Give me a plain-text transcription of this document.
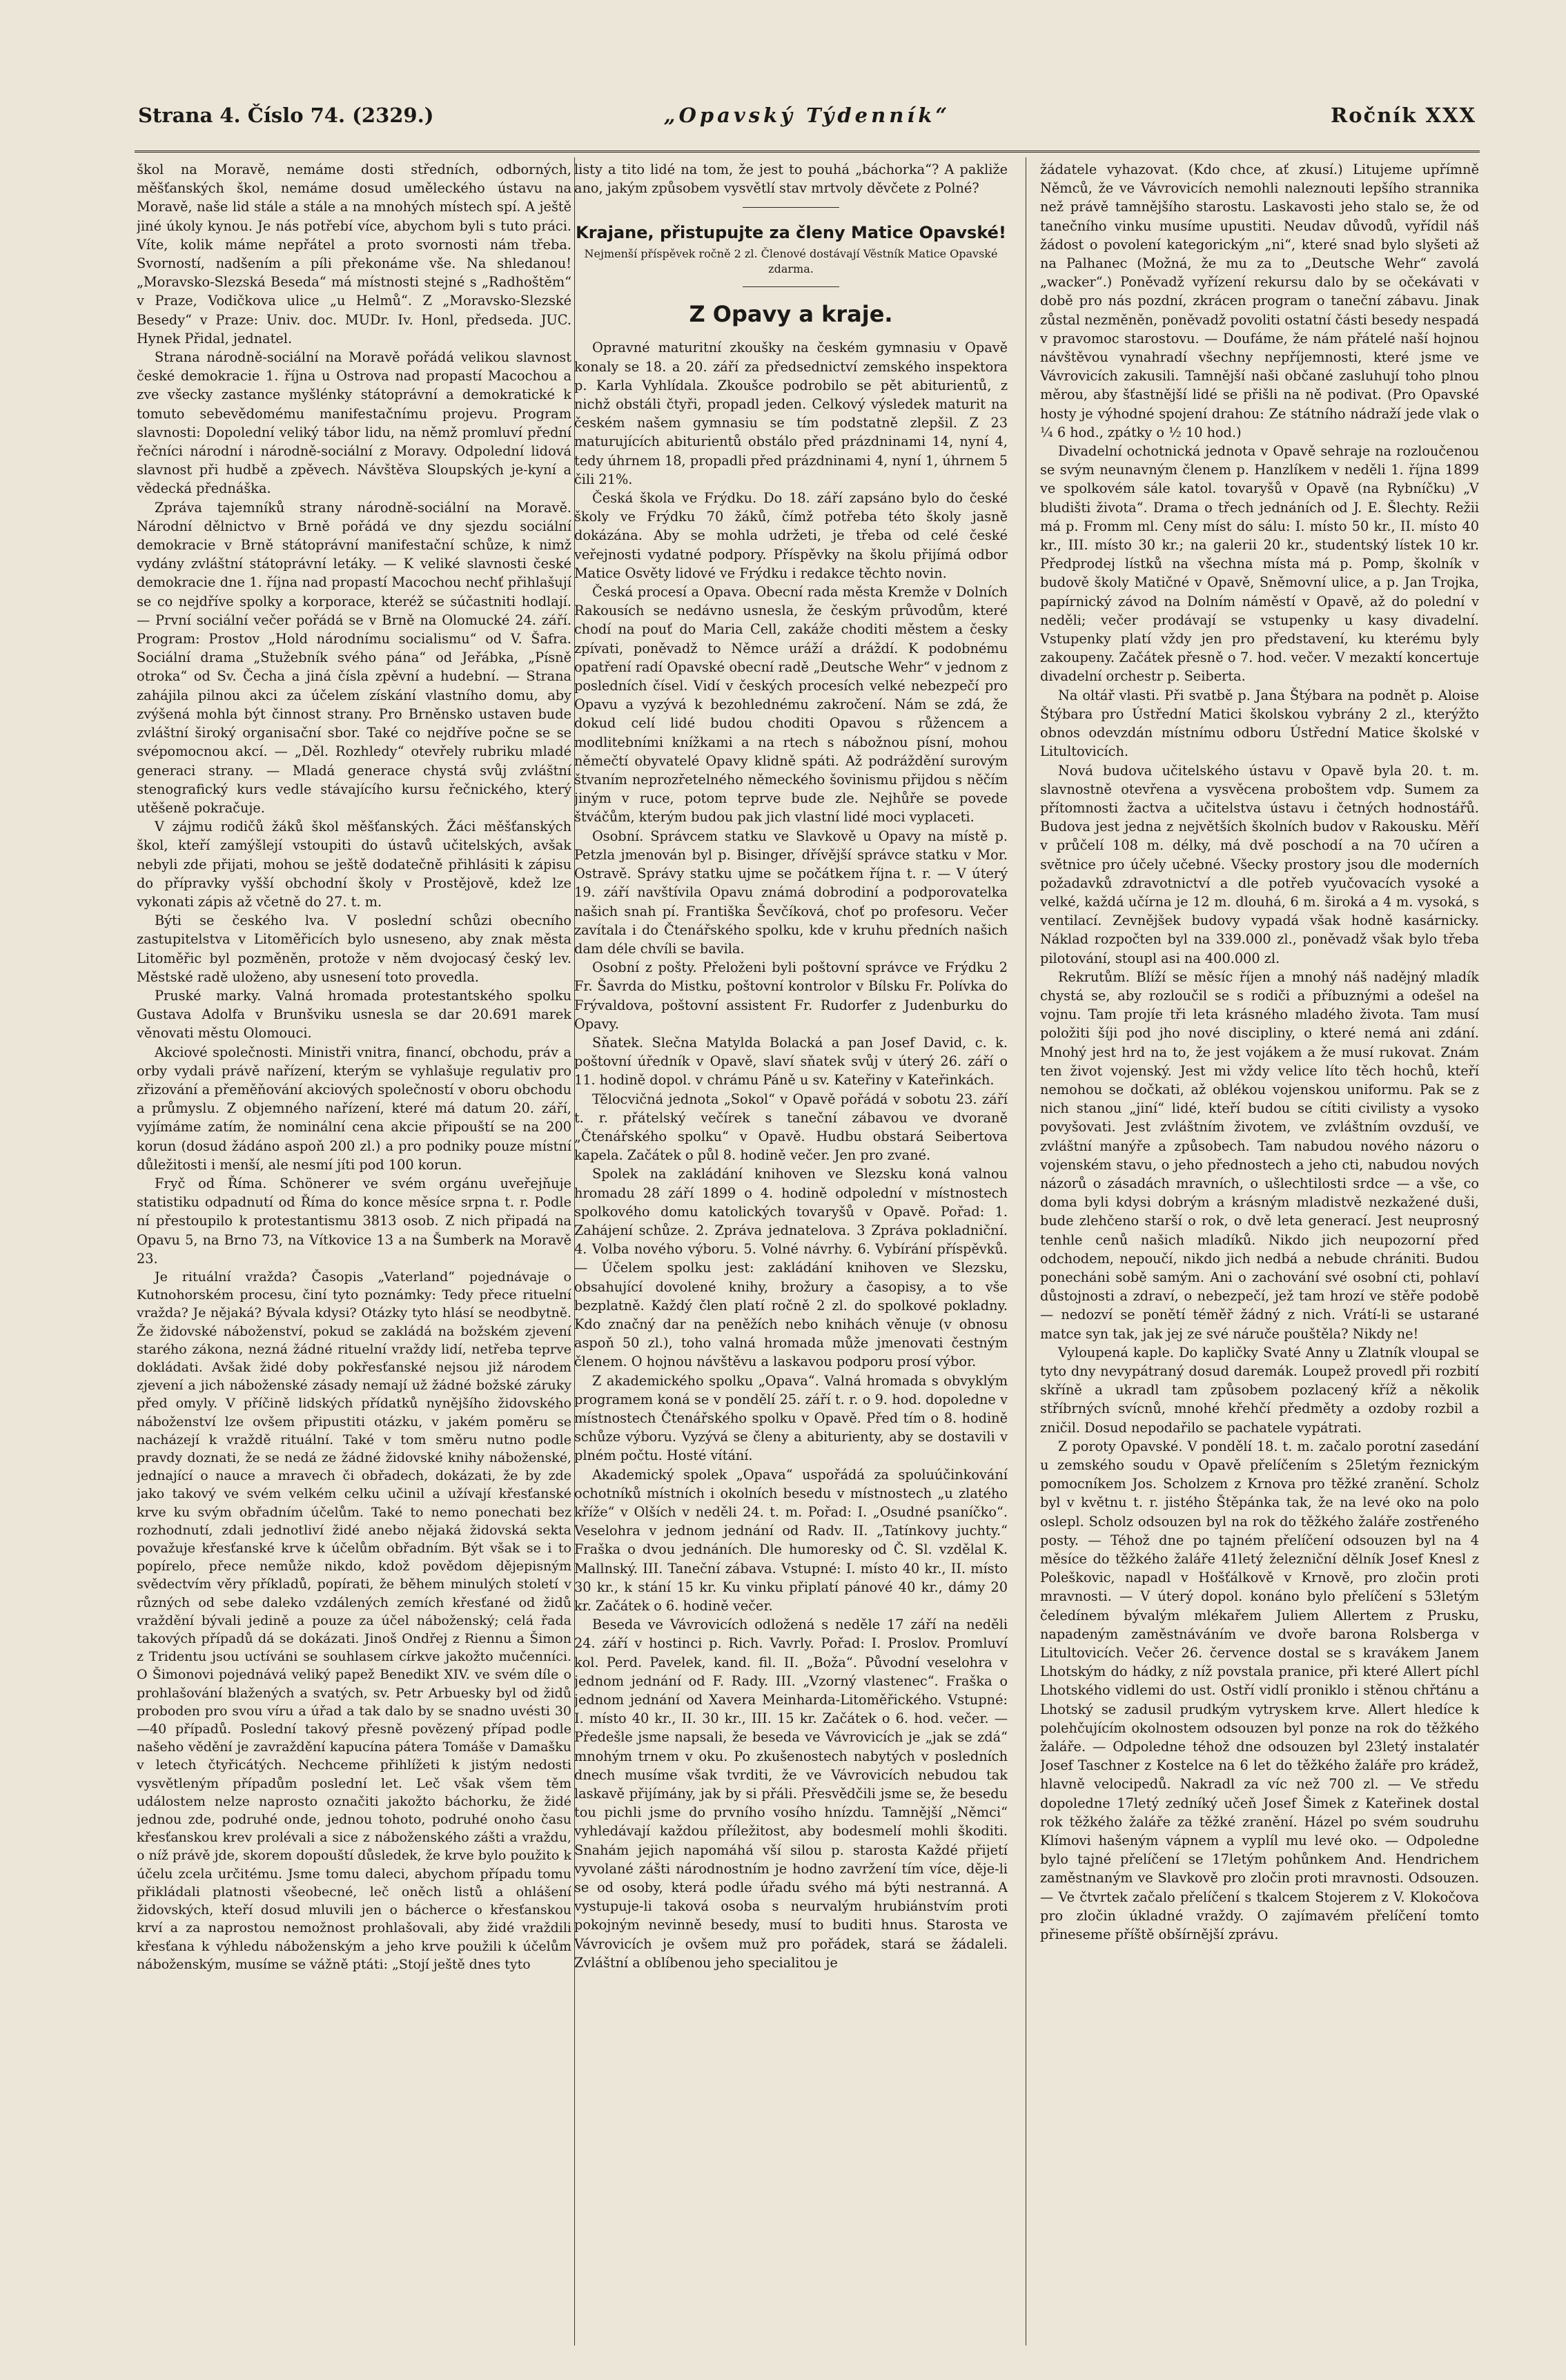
Strana 4. Číslo 74. (2329.)	„Opavský Týdenník“	Ročník XXX

škol na Moravě, nemáme dosti středních, odborných, měšťanských škol, nemáme dosud uměleckého ústavu na Moravě, naše lid stále a stále a na mnohých místech spí. A ještě jiné úkoly kynou. Je nás potřebí více, abychom byli s tuto práci. Víte, kolik máme nepřátel a proto svornosti nám třeba. Svorností, nadšením a píli překonáme vše. Na shledanou! „Moravsko-Slezská Beseda“ má místnosti stejné s „Radhoštěm“ v Praze, Vodičkova ulice „u Helmů“. Z „Moravsko-Slezské Besedy“ v Praze: Univ. doc. MUDr. Iv. Honl, předseda. JUC. Hynek Přidal, jednatel.

Strana národně-sociální na Moravě pořádá velikou slavnost české demokracie 1. října u Ostrova nad propastí Macochou a zve všecky zastance myšlénky státoprávní a demokratické k tomuto sebevědomému manifestačnímu projevu. Program slavnosti: Dopolední veliký tábor lidu, na němž promluví přední řečníci národní i národně-sociální z Moravy. Odpolední lidová slavnost při hudbě a zpěvech. Návštěva Sloupských je-kyní a vědecká přednáška.

Zpráva tajemníků strany národně-sociální na Moravě. Národní dělnictvo v Brně pořádá ve dny sjezdu sociální demokracie v Brně státoprávní manifestační schůze, k nimž vydány zvláštní státoprávní letáky. — K veliké slavnosti české demokracie dne 1. října nad propastí Macochou nechť přihlašují se co nejdříve spolky a korporace, kteréž se súčastniti hodlají. — První sociální večer pořádá se v Brně na Olomucké 24. září. Program: Prostov „Hold národnímu socialismu“ od V. Šafra. Sociální drama „Stužebník svého pána“ od Jeřábka, „Písně otroka“ od Sv. Čecha a jiná čísla zpěvní a hudební. — Strana zahájila pilnou akci za účelem získání vlastního domu, aby zvýšená mohla být činnost strany. Pro Brněnsko ustaven bude zvláštní široký organisační sbor. Také co nejdříve počne se se svépomocnou akcí. — „Děl. Rozhledy“ otevřely rubriku mladé generaci strany. — Mladá generace chystá svůj zvláštní stenografický kurs vedle stávajícího kursu řečnického, který utěšeně pokračuje.

V zájmu rodičů žáků škol měšťanských. Žáci měšťanských škol, kteří zamýšlejí vstoupiti do ústavů učitelských, avšak nebyli zde přijati, mohou se ještě dodatečně přihlásiti k zápisu do přípravky vyšší obchodní školy v Prostějově, kdež lze vykonati zápis až včetně do 27. t. m.

Býti se českého lva. V poslední schůzi obecního zastupitelstva v Litoměřicích bylo usneseno, aby znak města Litoměřic byl pozměněn, protože v něm dvojocasý český lev. Městské radě uloženo, aby usnesení toto provedla.

Pruské marky. Valná hromada protestantského spolku Gustava Adolfa v Brunšviku usnesla se dar 20.691 marek věnovati městu Olomouci.

Akciové společnosti. Ministři vnitra, financí, obchodu, práv a orby vydali právě nařízení, kterým se vyhlašuje regulativ pro zřizování a přeměňování akciových společností v oboru obchodu a průmyslu. Z objemného nařízení, které má datum 20. září, vyjímáme zatím, že nominální cena akcie připouští se na 200 korun (dosud žádáno aspoň 200 zl.) a pro podniky pouze místní důležitosti i menší, ale nesmí jíti pod 100 korun.

Fryč od Říma. Schönerer ve svém orgánu uveřejňuje statistiku odpadnutí od Říma do konce měsíce srpna t. r. Podle ní přestoupilo k protestantismu 3813 osob. Z nich připadá na Opavu 5, na Brno 73, na Vítkovice 13 a na Šumberk na Moravě 23.

Je rituální vražda? Časopis „Vaterland“ pojednávaje o Kutnohorském procesu, činí tyto poznámky: Tedy přece rituelní vražda? Je nějaká? Bývala kdysi? Otázky tyto hlásí se neodbytně. Že židovské náboženství, pokud se zakládá na božském zjevení starého zákona, nezná žádné rituelní vraždy lidí, netřeba teprve dokládati. Avšak židé doby pokřesťanské nejsou již národem zjevení a jich náboženské zásady nemají už žádné božské záruky před omyly. V příčině lidských přídatků nynějšího židovského náboženství lze ovšem připustiti otázku, v jakém poměru se nacházejí k vraždě rituální. Také v tom směru nutno podle pravdy doznati, že se nedá ze žádné židovské knihy náboženské, jednající o nauce a mravech či obřadech, dokázati, že by zde jako takový ve svém velkém celku učinil a užívají křesťanské krve ku svým obřadním účelům. Také to nemo ponechati bez rozhodnutí, zdali jednotliví židé anebo nějaká židovská sekta považuje křesťanské krve k účelům obřadním. Být však se i to popírelo, přece nemůže nikdo, kdož povědom dějepisným svědectvím věry příkladů, popírati, že během minulých století v různých od sebe daleko vzdálených zemích křesťané od židů vraždění bývali jedině a pouze za účel náboženský; celá řada takových případů dá se dokázati. Jinoš Ondřej z Riennu a Šimon z Tridentu jsou uctíváni se souhlasem církve jakožto mučenníci. O Šimonovi pojednává veliký papež Benedikt XIV. ve svém díle o prohlašování blažených a svatých, sv. Petr Arbuesky byl od židů proboden pro svou víru a úřad a tak dalo by se snadno uvésti 30—40 případů. Poslední takový přesně povězený případ podle našeho vědění je zavraždění kapucína pátera Tomáše v Damašku v letech čtyřicátých. Nechceme přihlížeti k jistým nedosti vysvětleným případům poslední let. Leč však všem těm událostem nelze naprosto označiti jakožto báchorku, že židé jednou zde, podruhé onde, jednou tohoto, podruhé onoho času křesťanskou krev prolévali a sice z náboženského zášti a vraždu, o níž právě jde, skorem dopouští důsledek, že krve bylo použito k účelu zcela určitému. Jsme tomu daleci, abychom případu tomu přikládali platnosti všeobecné, leč oněch listů a ohlášení židovských, kteří dosud mluvili jen o bácherce o křesťanskou krví a za naprostou nemožnost prohlašovali, aby židé vraždili křesťana k výhledu náboženským a jeho krve použili k účelům náboženským, musíme se vážně ptáti: „Stojí ještě dnes tyto

listy a tito lidé na tom, že jest to pouhá „báchorka“? A pakliže ano, jakým způsobem vysvětlí stav mrtvoly děvčete z Polné?

Krajane, přistupujte za členy Matice Opavské!
Nejmenší příspěvek ročně 2 zl. Členové dostávají Věstník Matice Opavské zdarma.
Z Opavy a kraje.

Opravné maturitní zkoušky na českém gymnasiu v Opavě konaly se 18. a 20. září za předsednictví zemského inspektora p. Karla Vyhlídala. Zkoušce podrobilo se pět abiturientů, z nichž obstáli čtyři, propadl jeden. Celkový výsledek maturit na českém našem gymnasiu se tím podstatně zlepšil. Z 23 maturujících abiturientů obstálo před prázdninami 14, nyní 4, tedy úhrnem 18, propadli před prázdninami 4, nyní 1, úhrnem 5 čili 21%.

Česká škola ve Frýdku. Do 18. září zapsáno bylo do české školy ve Frýdku 70 žáků, čímž potřeba této školy jasně dokázána. Aby se mohla udržeti, je třeba od celé české veřejnosti vydatné podpory. Příspěvky na školu přijímá odbor Matice Osvěty lidové ve Frýdku i redakce těchto novin.

Česká procesí a Opava. Obecní rada města Kremže v Dolních Rakousích se nedávno usnesla, že českým průvodům, které chodí na pouť do Maria Cell, zakáže choditi městem a česky zpívati, poněvadž to Němce uráží a dráždí. K podobnému opatření radí Opavské obecní radě „Deutsche Wehr“ v jednom z posledních čísel. Vidí v českých procesích velké nebezpečí pro Opavu a vyzývá k bezohlednému zakročení. Nám se zdá, že dokud celí lidé budou choditi Opavou s růžencem a modlitebními knížkami a na rtech s nábožnou písní, mohou němečtí obyvatelé Opavy klidně spáti. Až podráždění surovým štvaním neprozřetelného německého šovinismu přijdou s něčím jiným v ruce, potom teprve bude zle. Nejhůře se povede štváčům, kterým budou pak jich vlastní lidé moci vyplaceti.

Osobní. Správcem statku ve Slavkově u Opavy na místě p. Petzla jmenován byl p. Bisinger, dřívější správce statku v Mor. Ostravě. Správy statku ujme se počátkem října t. r. — V úterý 19. září navštívila Opavu známá dobrodiní a podporovatelka našich snah pí. Františka Ševčíková, choť po profesoru. Večer zavítala i do Čtenářského spolku, kde v kruhu předních našich dam déle chvíli se bavila.

Osobní z pošty. Přeloženi byli poštovní správce ve Frýdku 2 Fr. Šavrda do Mistku, poštovní kontrolor v Bílsku Fr. Polívka do Frývaldova, poštovní assistent Fr. Rudorfer z Judenburku do Opavy.

Sňatek. Slečna Matylda Bolacká a pan Josef David, c. k. poštovní úředník v Opavě, slaví sňatek svůj v úterý 26. září o 11. hodině dopol. v chrámu Páně u sv. Kateřiny v Kateřinkách.

Tělocvičná jednota „Sokol“ v Opavě pořádá v sobotu 23. září t. r. přátelský večírek s taneční zábavou ve dvoraně „Čtenářského spolku“ v Opavě. Hudbu obstará Seibertova kapela. Začátek o půl 8. hodině večer. Jen pro zvané.

Spolek na zakládání knihoven ve Slezsku koná valnou hromadu 28 září 1899 o 4. hodině odpolední v místnostech spolkového domu katolických tovaryšů v Opavě. Pořad: 1. Zahájení schůze. 2. Zpráva jednatelova. 3 Zpráva pokladniční. 4. Volba nového výboru. 5. Volné návrhy. 6. Vybírání příspěvků. — Účelem spolku jest: zakládání knihoven ve Slezsku, obsahující dovolené knihy, brožury a časopisy, a to vše bezplatně. Každý člen platí ročně 2 zl. do spolkové pokladny. Kdo značný dar na peněžích nebo knihách věnuje (v obnosu aspoň 50 zl.), toho valná hromada může jmenovati čestným členem. O hojnou návštěvu a laskavou podporu prosí výbor.

Z akademického spolku „Opava“. Valná hromada s obvyklým programem koná se v pondělí 25. září t. r. o 9. hod. dopoledne v místnostech Čtenářského spolku v Opavě. Před tím o 8. hodině schůze výboru. Vyzývá se členy a abiturienty, aby se dostavili v plném počtu. Hosté vítání.

Akademický spolek „Opava“ uspořádá za spoluúčinkování ochotníků místních i okolních besedu v místnostech „u zlatého kříže“ v Olších v neděli 24. t. m. Pořad: I. „Osudné psaníčko“. Veselohra v jednom jednání od Radv. II. „Tatínkovy juchty.“ Fraška o dvou jednáních. Dle humoresky od Č. Sl. vzdělal K. Mallnský. III. Taneční zábava. Vstupné: I. místo 40 kr., II. místo 30 kr., k stání 15 kr. Ku vinku připlatí pánové 40 kr., dámy 20 kr. Začátek o 6. hodině večer.

Beseda ve Vávrovicích odložená s neděle 17 září na neděli 24. září v hostinci p. Rich. Vavrly. Pořad: I. Proslov. Promluví kol. Perd. Pavelek, kand. fil. II. „Boža“. Původní veselohra v jednom jednání od F. Rady. III. „Vzorný vlastenec“. Fraška o jednom jednání od Xavera Meinharda-Litoměřického. Vstupné: I. místo 40 kr., II. 30 kr., III. 15 kr. Začátek o 6. hod. večer. — Předešle jsme napsali, že beseda ve Vávrovicích je „jak se zdá“ mnohým trnem v oku. Po zkušenostech nabytých v posledních dnech musíme však tvrditi, že ve Vávrovicích nebudou tak laskavě přijímány, jak by si přáli. Přesvědčili jsme se, že besedu tou pichli jsme do prvního vosího hnízdu. Tamnější „Němci“ vyhledávají každou příležitost, aby bodesmelí mohli škoditi. Snahám jejich napomáhá vší silou p. starosta Každé přijetí vyvolané zášti národnostním je hodno zavržení tím více, děje-li se od osoby, která podle úřadu svého má býti nestranná. A vystupuje-li taková osoba s neurvalým hrubiánstvím proti pokojným nevinně besedy, musí to buditi hnus. Starosta ve Vávrovicích je ovšem muž pro pořádek, stará se žádaleli. Zvláštní a oblíbenou jeho specialitou je

žádatele vyhazovat. (Kdo chce, ať zkusí.) Litujeme upřímně Němců, že ve Vávrovicích nemohli naleznouti lepšího strannika než právě tamnějšího starostu. Laskavosti jeho stalo se, že od tanečního vinku musíme upustiti. Neudav důvodů, vyřídil náš žádost o povolení kategorickým „ni“, které snad bylo slyšeti až na Palhanec (Možná, že mu za to „Deutsche Wehr“ zavolá „wacker“.) Poněvadž vyřízení rekursu dalo by se očekávati v době pro nás pozdní, zkrácen program o taneční zábavu. Jinak zůstal nezměněn, poněvadž povoliti ostatní části besedy nespadá v pravomoc starostovu. — Doufáme, že nám přátelé naší hojnou návštěvou vynahradí všechny nepříjemnosti, které jsme ve Vávrovicích zakusili. Tamnější naši občané zasluhují toho plnou měrou, aby šťastnější lidé se přišli na ně podivat. (Pro Opavské hosty je výhodné spojení drahou: Ze státního nádraží jede vlak o ¼ 6 hod., zpátky o ½ 10 hod.)

Divadelní ochotnická jednota v Opavě sehraje na rozloučenou se svým neunavným členem p. Hanzlíkem v neděli 1. října 1899 ve spolkovém sále katol. tovaryšů v Opavě (na Rybníčku) „V bludišti života“. Drama o třech jednáních od J. E. Šlechty. Režii má p. Fromm ml. Ceny míst do sálu: I. místo 50 kr., II. místo 40 kr., III. místo 30 kr.; na galerii 20 kr., studentský lístek 10 kr. Předprodej lístků na všechna místa má p. Pomp, školník v budově školy Matičné v Opavě, Sněmovní ulice, a p. Jan Trojka, papírnický závod na Dolním náměstí v Opavě, až do polední v neděli; večer prodávají se vstupenky u kasy divadelní. Vstupenky platí vždy jen pro představení, ku kterému byly zakoupeny. Začátek přesně o 7. hod. večer. V mezaktí koncertuje divadelní orchestr p. Seiberta.

Na oltář vlasti. Při svatbě p. Jana Štýbara na podnět p. Aloise Štýbara pro Ústřední Matici školskou vybrány 2 zl., kterýžto obnos odevzdán místnímu odboru Ústřední Matice školské v Litultovicích.

Nová budova učitelského ústavu v Opavě byla 20. t. m. slavnostně otevřena a vysvěcena proboštem vdp. Sumem za přítomnosti žactva a učitelstva ústavu i četných hodnostářů. Budova jest jedna z největších školních budov v Rakousku. Měří v průčelí 108 m. délky, má dvě poschodí a na 70 učíren a světnice pro účely učebné. Všecky prostory jsou dle moderních požadavků zdravotnictví a dle potřeb vyučovacích vysoké a velké, každá učírna je 12 m. dlouhá, 6 m. široká a 4 m. vysoká, s ventilací. Zevnějšek budovy vypadá však hodně kasárnicky. Náklad rozpočten byl na 339.000 zl., poněvadž však bylo třeba pilotování, stoupl asi na 400.000 zl.

Rekrutům. Blíží se měsíc říjen a mnohý náš nadějný mladík chystá se, aby rozloučil se s rodiči a příbuznými a odešel na vojnu. Tam projíe tři leta krásného mladého života. Tam musí položiti šíji pod jho nové discipliny, o které nemá ani zdání. Mnohý jest hrd na to, že jest vojákem a že musí rukovat. Znám ten život vojenský. Jest mi vždy velice líto těch hochů, kteří nemohou se dočkati, až oblékou vojenskou uniformu. Pak se z nich stanou „jiní“ lidé, kteří budou se cítiti civilisty a vysoko povyšovati. Jest zvláštním životem, ve zvláštním ovzduší, ve zvláštní manýře a způsobech. Tam nabudou nového názoru o vojenském stavu, o jeho přednostech a jeho cti, nabudou nových názorů o zásadách mravních, o ušlechtilosti srdce — a vše, co doma byli kdysi dobrým a krásným mladistvě nezkažené duši, bude zlehčeno starší o rok, o dvě leta generací. Jest neuprosný tenhle cenů našich mladíků. Nikdo jich neupozorní před odchodem, nepoučí, nikdo jich nedbá a nebude chrániti. Budou ponecháni sobě samým. Ani o zachování své osobní cti, pohlaví důstojnosti a zdraví, o nebezpečí, jež tam hrozí ve stěře podobě — nedozví se ponětí téměř žádný z nich. Vrátí-li se ustarané matce syn tak, jak jej ze své náruče pouštěla? Nikdy ne!

Vyloupená kaple. Do kapličky Svaté Anny u Zlatník vloupal se tyto dny nevypátraný dosud daremák. Loupež provedl při rozbití skříně a ukradl tam způsobem pozlacený kříž a několik stříbrných svícnů, mnohé křehčí předměty a ozdoby rozbil a zničil. Dosud nepodařilo se pachatele vypátrati.

Z poroty Opavské. V pondělí 18. t. m. začalo porotní zasedání u zemského soudu v Opavě přelíčením s 25letým řeznickým pomocníkem Jos. Scholzem z Krnova pro těžké zranění. Scholz byl v květnu t. r. jistého Štěpánka tak, že na levé oko na polo oslepl. Scholz odsouzen byl na rok do těžkého žaláře zostřeného posty. — Téhož dne po tajném přelíčení odsouzen byl na 4 měsíce do těžkého žaláře 41letý železniční dělník Josef Knesl z Poleškovic, napadl v Hošťálkově v Krnově, pro zločin proti mravnosti. — V úterý dopol. konáno bylo přelíčení s 53letým čeledínem bývalým mlékařem Juliem Allertem z Prusku, napadeným zaměstnáváním ve dvoře barona Rolsberga v Litultovicích. Večer 26. července dostal se s kravákem Janem Lhotským do hádky, z níž povstala pranice, při které Allert píchl Lhotského vidlemi do ust. Ostří vidlí proniklo i stěnou chřtánu a Lhotský se zadusil prudkým vytryskem krve. Allert hledíce k polehčujícím okolnostem odsouzen byl ponze na rok do těžkého žaláře. — Odpoledne téhož dne odsouzen byl 23letý instalatér Josef Taschner z Kostelce na 6 let do těžkého žaláře pro krádež, hlavně velocipedů. Nakradl za víc než 700 zl. — Ve středu dopoledne 17letý zedníký učeň Josef Šimek z Kateřinek dostal rok těžkého žaláře za těžké zranění. Házel po svém soudruhu Klímovi hašeným vápnem a vyplíl mu levé oko. — Odpoledne bylo tajné přelíčení se 17letým pohůnkem And. Hendrichem zaměstnaným ve Slavkově pro zločin proti mravnosti. Odsouzen. — Ve čtvrtek začalo přelíčení s tkalcem Stojerem z V. Klokočova pro zločin úkladné vraždy. O zajímavém přelíčení tomto přineseme příště obšírnější zprávu.
